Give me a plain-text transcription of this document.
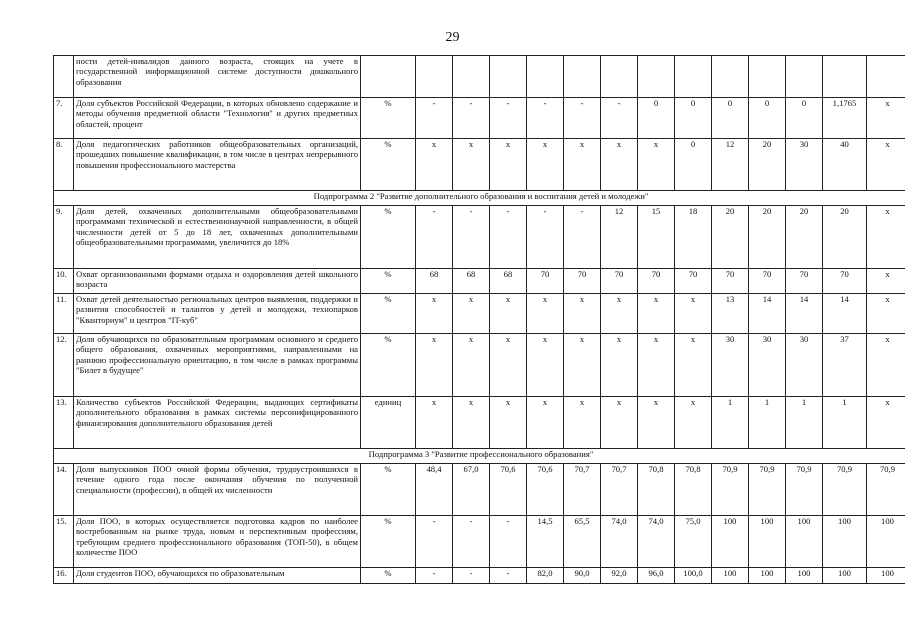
29
	ности детей-инвалидов данного возраста, стоящих на учете в государственной информационной системе доступности дошкольного образования														
7.	Доля субъектов Российской Федерации, в которых обновлено содержание и методы обучения предметной области "Технология" и других предметных областей, процент	%	-	-	-	-	-	-	0	0	0	0	0	1,1765	x
8.	Доля педагогических работников общеобразовательных организаций, прошедших повышение квалификации, в том числе в центрах непрерывного повышения профессионального мастерства	%	x	x	x	x	x	x	x	0	12	20	30	40	x
Подпрограмма 2 "Развитие дополнительного образования и воспитания детей и молодежи"															
9.	Доля детей, охваченных дополнительными общеобразовательными программами технической и естественнонаучной направленности, в общей численности детей от 5 до 18 лет, охваченных дополнительными общеобразовательными программами, увеличится до 18%	%	-	-	-	-	-	12	15	18	20	20	20	20	x
10.	Охват организованными формами отдыха и оздоровления детей школьного возраста	%	68	68	68	70	70	70	70	70	70	70	70	70	x
11.	Охват детей деятельностью региональных центров выявления, поддержки и развития способностей и талантов у детей и молодежи, технопарков "Кванториум" и центров "IT-куб"	%	x	x	x	x	x	x	x	x	13	14	14	14	x
12.	Доля обучающихся по образовательным программам основного и среднего общего образования, охваченных мероприятиями, направленными на раннюю профессиональную ориентацию, в том числе в рамках программы "Билет в будущее"	%	x	x	x	x	x	x	x	x	30	30	30	37	x
13.	Количество субъектов Российской Федерации, выдающих сертификаты дополнительного образования в рамках системы персонифицированного финансирования дополнительного образования детей	единиц	x	x	x	x	x	x	x	x	1	1	1	1	x
Подпрограмма 3 "Развитие профессионального образования"															
14.	Доля выпускников ПОО очной формы обучения, трудоустроившихся в течение одного года после окончания обучения по полученной специальности (профессии), в общей их численности	%	48,4	67,0	70,6	70,6	70,7	70,7	70,8	70,8	70,9	70,9	70,9	70,9	70,9
15.	Доля ПОО, в которых осуществляется подготовка кадров по наиболее востребованным на рынке труда, новым и перспективным профессиям, требующим среднего профессионального образования (ТОП-50), в общем количестве ПОО	%	-	-	-	14,5	65,5	74,0	74,0	75,0	100	100	100	100	100
16.	Доля студентов ПОО, обучающихся по образовательным	%	-	-	-	82,0	90,0	92,0	96,0	100,0	100	100	100	100	100
